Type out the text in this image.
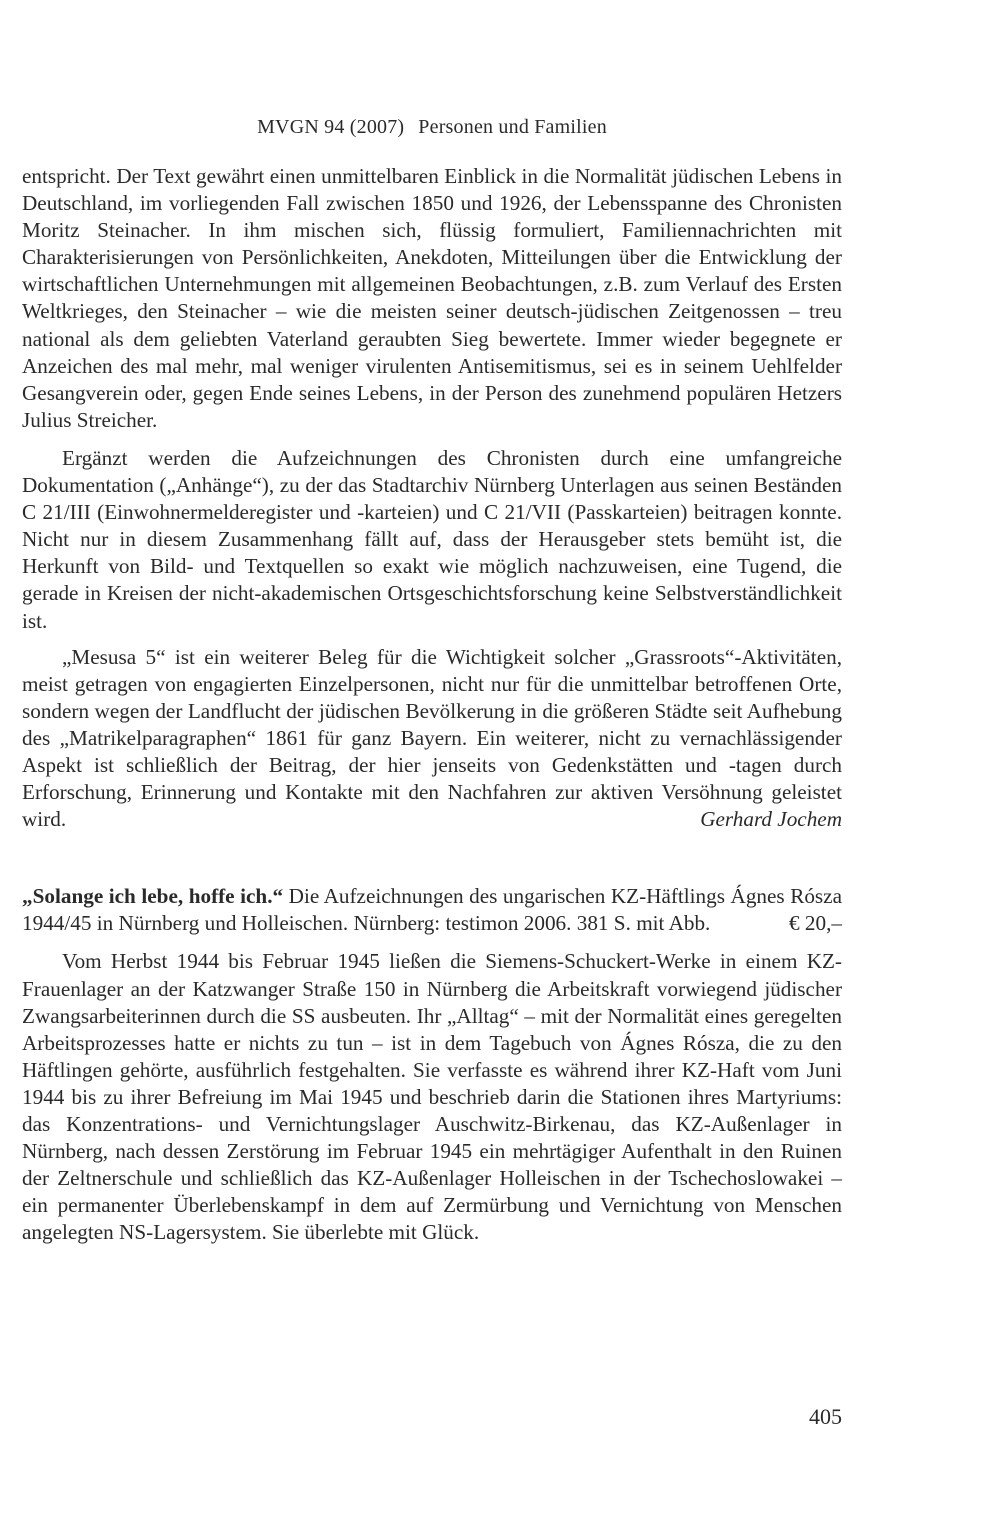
MVGN 94 (2007) Personen und Familien

entspricht. Der Text gewährt einen unmittelbaren Einblick in die Normalität jüdischen Lebens in Deutschland, im vorliegenden Fall zwischen 1850 und 1926, der Lebensspanne des Chronisten Moritz Steinacher. In ihm mischen sich, flüssig formuliert, Familiennachrichten mit Charakterisierungen von Persönlichkeiten, Anekdoten, Mitteilungen über die Entwicklung der wirtschaftlichen Unternehmungen mit allgemeinen Beobachtungen, z.B. zum Verlauf des Ersten Weltkrieges, den Steinacher – wie die meisten seiner deutsch-jüdischen Zeitgenossen – treu national als dem geliebten Vaterland geraubten Sieg bewertete. Immer wieder begegnete er Anzeichen des mal mehr, mal weniger virulenten Antisemitismus, sei es in seinem Uehlfelder Gesangverein oder, gegen Ende seines Lebens, in der Person des zunehmend populären Hetzers Julius Streicher.

Ergänzt werden die Aufzeichnungen des Chronisten durch eine umfangreiche Dokumentation („Anhänge“), zu der das Stadtarchiv Nürnberg Unterlagen aus seinen Beständen C 21/III (Einwohnermelderegister und -karteien) und C 21/VII (Passkarteien) beitragen konnte. Nicht nur in diesem Zusammenhang fällt auf, dass der Herausgeber stets bemüht ist, die Herkunft von Bild- und Textquellen so exakt wie möglich nachzuweisen, eine Tugend, die gerade in Kreisen der nicht-akademischen Ortsgeschichtsforschung keine Selbstverständlichkeit ist.

„Mesusa 5“ ist ein weiterer Beleg für die Wichtigkeit solcher „Grassroots“-Aktivitäten, meist getragen von engagierten Einzelpersonen, nicht nur für die unmittelbar betroffenen Orte, sondern wegen der Landflucht der jüdischen Bevölkerung in die größeren Städte seit Aufhebung des „Matrikelparagraphen“ 1861 für ganz Bayern. Ein weiterer, nicht zu vernachlässigender Aspekt ist schließlich der Beitrag, der hier jenseits von Gedenkstätten und -tagen durch Erforschung, Erinnerung und Kontakte mit den Nachfahren zur aktiven Versöhnung geleistet wird.	Gerhard Jochem

„Solange ich lebe, hoffe ich.“ Die Aufzeichnungen des ungarischen KZ-Häftlings Ágnes Rósza 1944/45 in Nürnberg und Holleischen. Nürnberg: testimon 2006. 381 S. mit Abb.	€ 20,–

Vom Herbst 1944 bis Februar 1945 ließen die Siemens-Schuckert-Werke in einem KZ-Frauenlager an der Katzwanger Straße 150 in Nürnberg die Arbeitskraft vorwiegend jüdischer Zwangsarbeiterinnen durch die SS ausbeuten. Ihr „Alltag“ – mit der Normalität eines geregelten Arbeitsprozesses hatte er nichts zu tun – ist in dem Tagebuch von Ágnes Rósza, die zu den Häftlingen gehörte, ausführlich festgehalten. Sie verfasste es während ihrer KZ-Haft vom Juni 1944 bis zu ihrer Befreiung im Mai 1945 und beschrieb darin die Stationen ihres Martyriums: das Konzentrations- und Vernichtungslager Auschwitz-Birkenau, das KZ-Außenlager in Nürnberg, nach dessen Zerstörung im Februar 1945 ein mehrtägiger Aufenthalt in den Ruinen der Zeltnerschule und schließlich das KZ-Außenlager Holleischen in der Tschechoslowakei – ein permanenter Überlebenskampf in dem auf Zermürbung und Vernichtung von Menschen angelegten NS-Lagersystem. Sie überlebte mit Glück.

405
